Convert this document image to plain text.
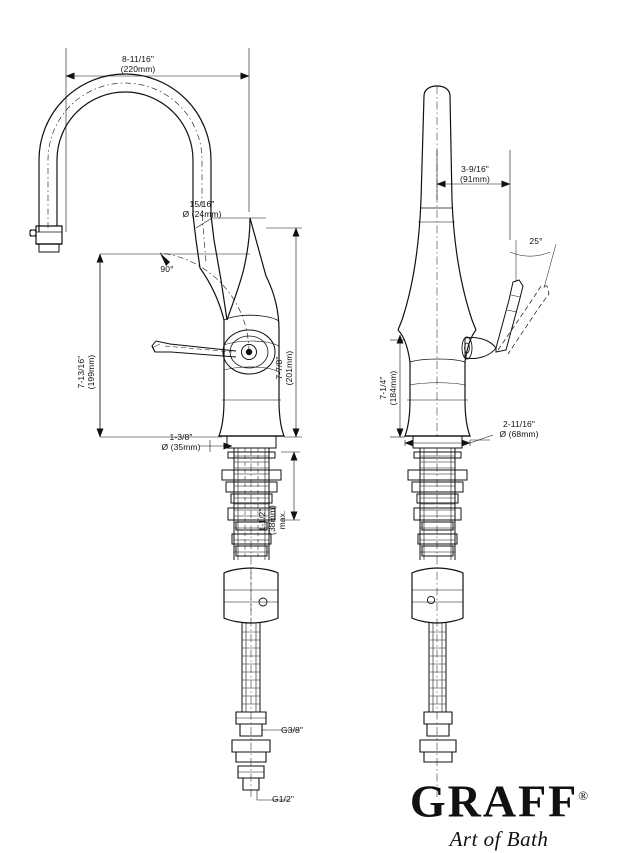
8-11/16"
(220mm)
15/16"
Ø (24mm)
90°
7-13/16"
(199mm)	7-7/8"
(201mm)
1-3/8"
Ø (35mm)
1-1/2"
(38mm)
max.
G3/8"
G1/2"
3-9/16"
(91mm)
25°
7-1/4"
(184mm)
2-11/16"
Ø (68mm)
GRAFF®
Art of Bath
